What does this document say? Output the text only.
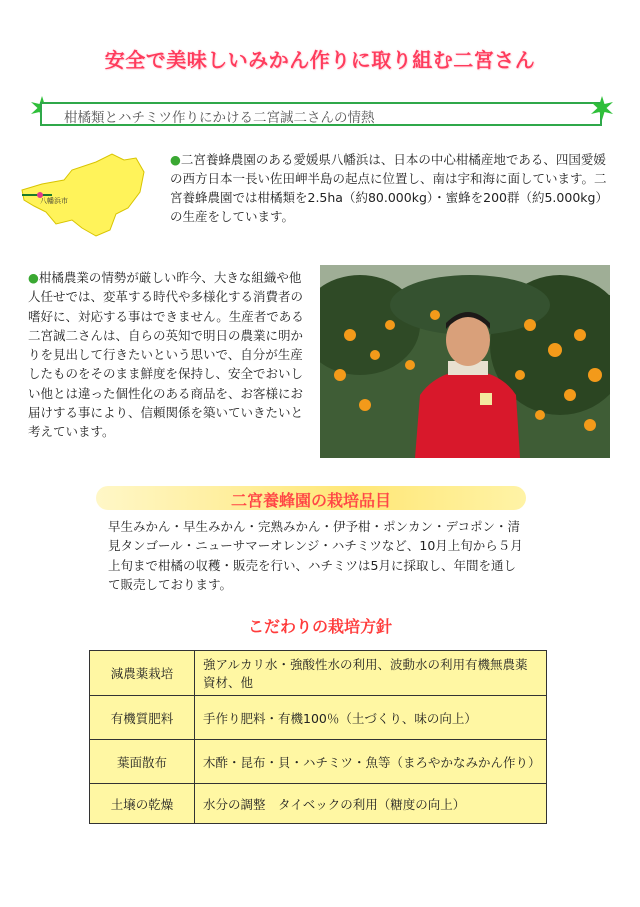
安全で美味しいみかん作りに取り組む二宮さん
柑橘類とハチミツ作りにかける二宮誠二さんの情熱
八幡浜市
●二宮養蜂農園のある愛媛県八幡浜は、日本の中心柑橘産地である、四国愛媛の西方日本一長い佐田岬半島の起点に位置し、南は宇和海に面しています。二宮養蜂農園では柑橘類を2.5ha（約80.000kg）・蜜蜂を200群（約5.000kg）の生産をしています。
●柑橘農業の情勢が厳しい昨今、大きな組織や他人任せでは、変革する時代や多様化する消費者の嗜好に、対応する事はできません。生産者である二宮誠二さんは、自らの英知で明日の農業に明かりを見出して行きたいという思いで、自分が生産したものをそのまま鮮度を保持し、安全でおいしい他とは違った個性化のある商品を、お客様にお届けする事により、信頼関係を築いていきたいと考えています。
二宮養蜂園の栽培品目
早生みかん・早生みかん・完熟みかん・伊予柑・ポンカン・デコポン・清見タンゴール・ニューサマーオレンジ・ハチミツなど、10月上旬から５月上旬まで柑橘の収穫・販売を行い、ハチミツは5月に採取し、年間を通して販売しております。
こだわりの栽培方針
減農薬栽培	強アルカリ水・強酸性水の利用、波動水の利用有機無農薬資材、他
有機質肥料	手作り肥料・有機100％（土づくり、味の向上）
葉面散布	木酢・昆布・貝・ハチミツ・魚等（まろやかなみかん作り）
土壌の乾燥	水分の調整　タイベックの利用（糖度の向上）
